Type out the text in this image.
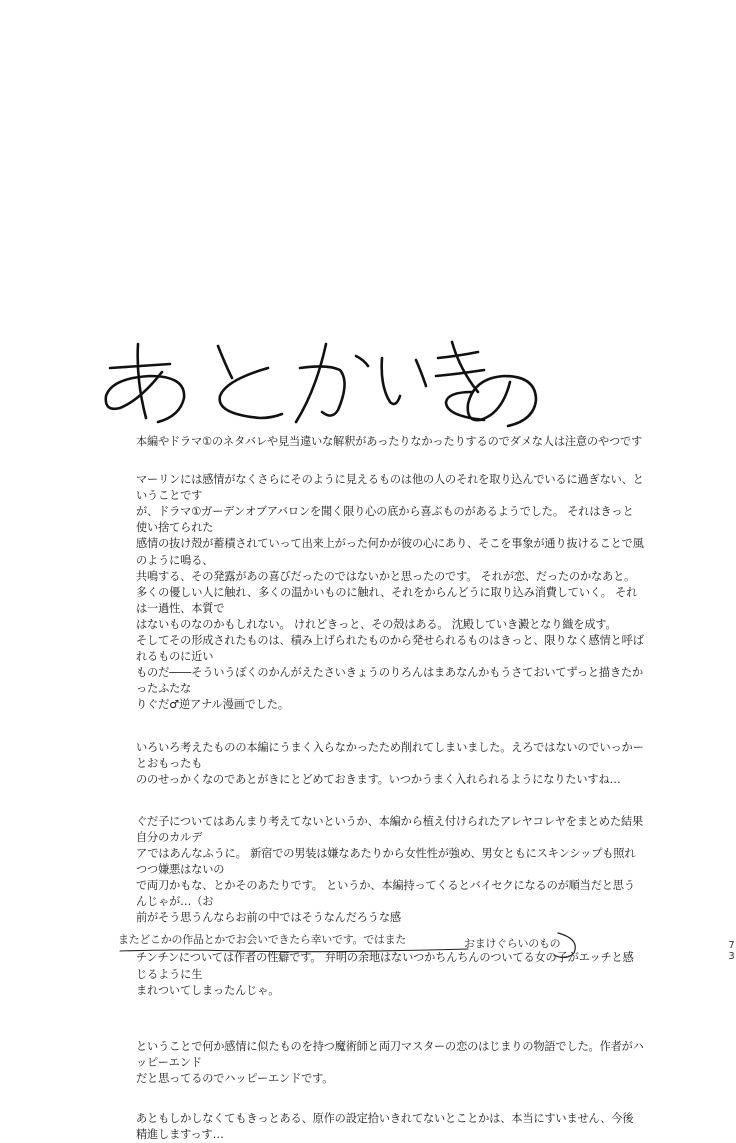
本編やドラマ①のネタバレや見当違いな解釈があったりなかったりするのでダメな人は注意のやつです

マーリンには感情がなくさらにそのように見えるものは他の人のそれを取り込んでいるに過ぎない、ということです
が、ドラマ①ガーデンオブアバロンを聞く限り心の底から喜ぶものがあるようでした。 それはきっと使い捨てられた
感情の抜け殻が蓄積されていって出来上がった何かが彼の心にあり、そこを事象が通り抜けることで風のように鳴る、
共鳴する、その発露があの喜びだったのではないかと思ったのです。 それが恋、だったのかなあと。
多くの優しい人に触れ、多くの温かいものに触れ、それをからんどうに取り込み消費していく。 それは一過性、本質で
はないものなのかもしれない。 けれどきっと、その殻はある。 沈殿していき澱となり織を成す。
そしてその形成されたものは、積み上げられたものから発せられるものはきっと、限りなく感情と呼ばれるものに近い
ものだ――そういうぼくのかんがえたさいきょうのりろんはまあなんかもうさておいてずっと描きたかったふたな
りぐだ♂逆アナル漫画でした。

いろいろ考えたものの本編にうまく入らなかったため削れてしまいました。えろではないのでいっかーとおもったも
ののせっかくなのであとがきにとどめておきます。いつかうまく入れられるようになりたいすね…

ぐだ子についてはあんまり考えてないというか、本編から植え付けられたアレヤコレヤをまとめた結果自分のカルデ
アではあんなふうに。 新宿での男装は嫌なあたりから女性性が強め、男女ともにスキンシップも照れつつ嫌悪はないの
で両刀かもな、とかそのあたりです。 というか、本編持ってくるとバイセクになるのが順当だと思うんじゃが…（お
前がそう思うんならお前の中ではそうなんだろうな感

チンチンについては作者の性癖です。 弁明の余地はないつかちんちんのついてる女の子がエッチと感じるように生
まれついてしまったんじゃ。

ということで何か感情に似たものを持つ魔術師と両刀マスターの恋のはじまりの物語でした。作者がハッピーエンド
だと思ってるのでハッピーエンドです。

あともしかしなくてもきっとある、原作の設定拾いきれてないとことかは、本当にすいません、今後精進しますっす…

またどこかの作品とかでお会いできたら幸いです。ではまた	おまけぐらいのもの	7
3
